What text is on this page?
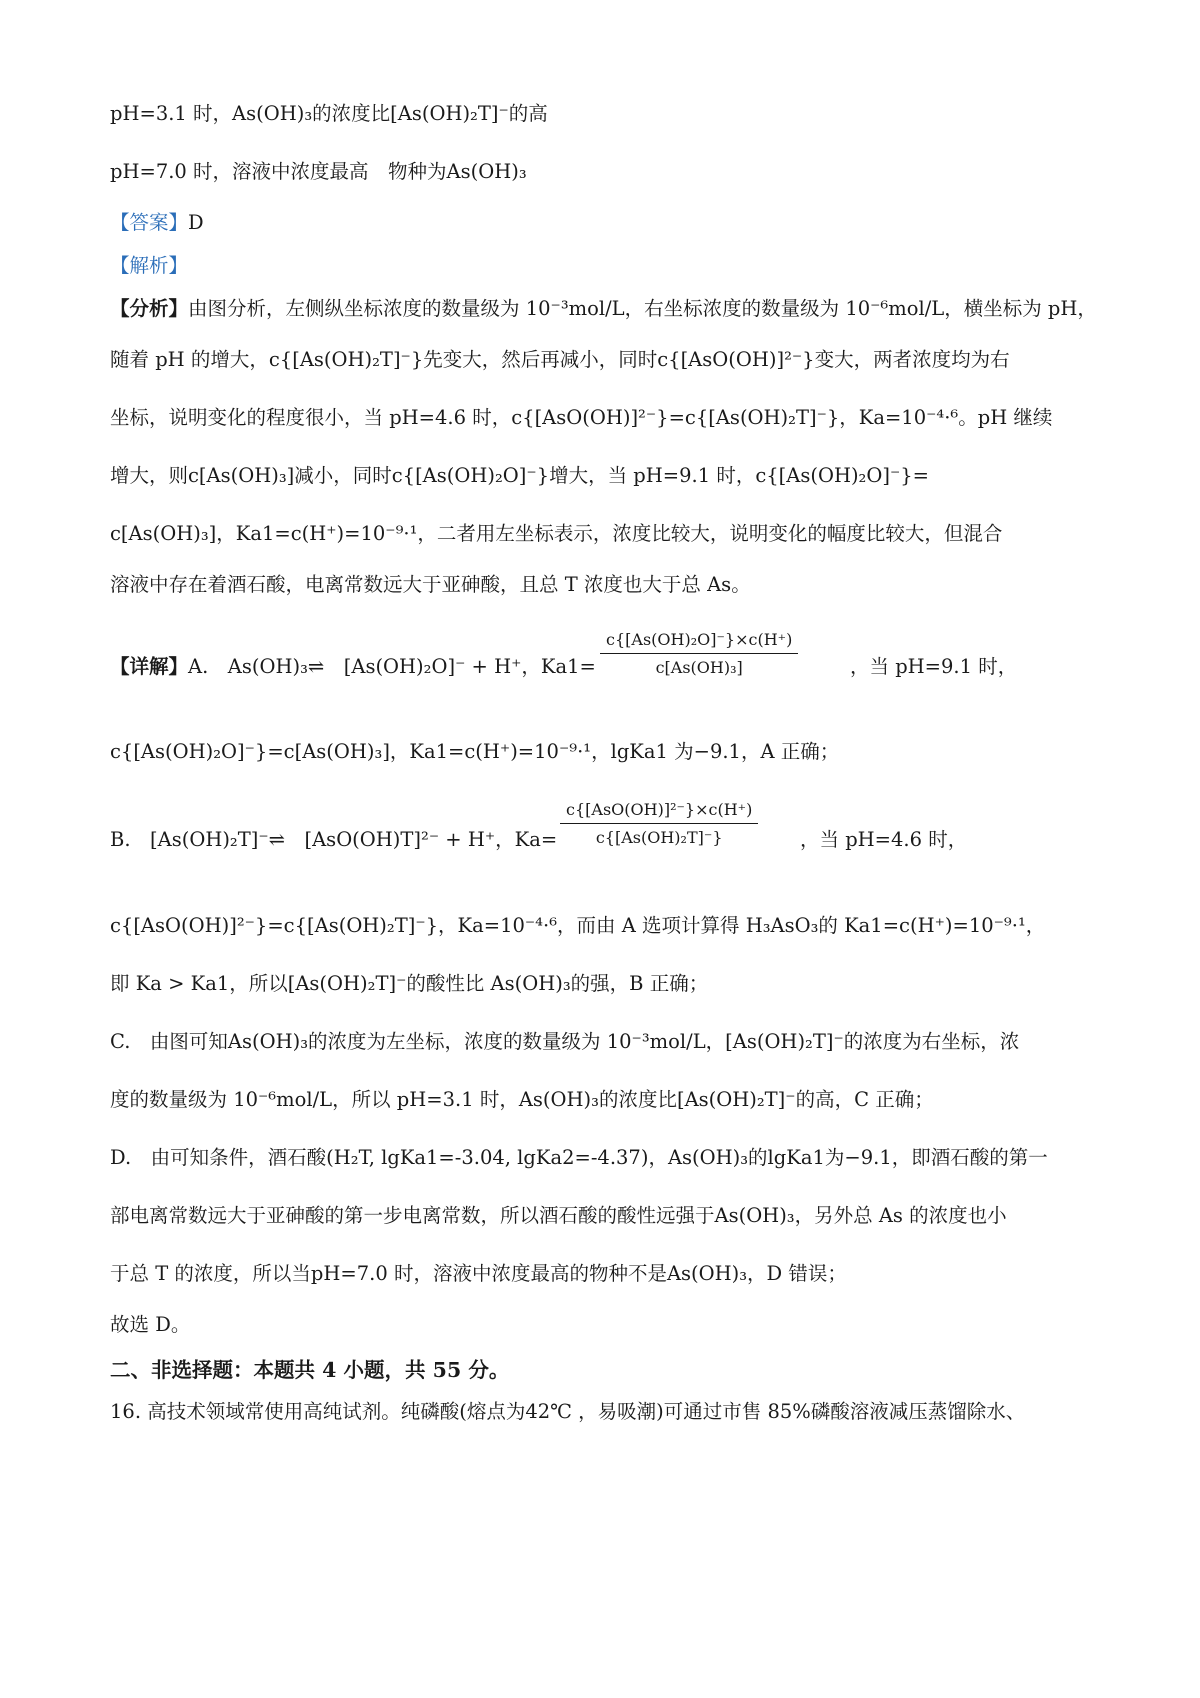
pH=3.1 时，As(OH)₃的浓度比[As(OH)₂T]⁻的高
pH=7.0 时，溶液中浓度最高　物种为As(OH)₃
【答案】D
【解析】
【分析】由图分析，左侧纵坐标浓度的数量级为 10⁻³mol/L，右坐标浓度的数量级为 10⁻⁶mol/L，横坐标为 pH，
随着 pH 的增大，c{[As(OH)₂T]⁻}先变大，然后再减小，同时c{[AsO(OH)]²⁻}变大，两者浓度均为右
坐标，说明变化的程度很小，当 pH=4.6 时，c{[AsO(OH)]²⁻}=c{[As(OH)₂T]⁻}，Ka=10⁻⁴·⁶。pH 继续
增大，则c[As(OH)₃]减小，同时c{[As(OH)₂O]⁻}增大，当 pH=9.1 时，c{[As(OH)₂O]⁻}=
c[As(OH)₃]，Ka1=c(H⁺)=10⁻⁹·¹，二者用左坐标表示，浓度比较大，说明变化的幅度比较大，但混合
溶液中存在着酒石酸，电离常数远大于亚砷酸，且总 T 浓度也大于总 As。
【详解】A.　As(OH)₃⇌　[As(OH)₂O]⁻ + H⁺，$Ka1= \frac{\text{c\{[As(OH)₂O]⁻\}×c(H⁺)}}{\text{c[As(OH)₃]}}$	，当 pH=9.1 时，
c{[As(OH)₂O]⁻}=c[As(OH)₃]，Ka1=c(H⁺)=10⁻⁹·¹，lgKa1 为−9.1，A 正确；
B.　[As(OH)₂T]⁻⇌　[AsO(OH)T]²⁻ + H⁺，Ka=
c{[AsO(OH)]²⁻}×c(H⁺)
c{[As(OH)₂T]⁻}	，当 pH=4.6 时，
c{[AsO(OH)]²⁻}=c{[As(OH)₂T]⁻}，Ka=10⁻⁴·⁶，而由 A 选项计算得 H₃AsO₃的 Ka1=c(H⁺)=10⁻⁹·¹，
即 Ka > Ka1，所以[As(OH)₂T]⁻的酸性比 As(OH)₃的强，B 正确；
C.　由图可知As(OH)₃的浓度为左坐标，浓度的数量级为 10⁻³mol/L，[As(OH)₂T]⁻的浓度为右坐标，浓
度的数量级为 10⁻⁶mol/L，所以 pH=3.1 时，As(OH)₃的浓度比[As(OH)₂T]⁻的高，C 正确；
D.　由可知条件，酒石酸(H₂T, lgKa1=-3.04, lgKa2=-4.37)，As(OH)₃的lgKa1为−9.1，即酒石酸的第一
部电离常数远大于亚砷酸的第一步电离常数，所以酒石酸的酸性远强于As(OH)₃，另外总 As 的浓度也小
于总 T 的浓度，所以当pH=7.0 时，溶液中浓度最高的物种不是As(OH)₃，D 错误；
故选 D。
二、非选择题：本题共 4 小题，共 55 分。
16. 高技术领域常使用高纯试剂。纯磷酸(熔点为42℃ ，易吸潮)可通过市售 85%磷酸溶液减压蒸馏除水、
